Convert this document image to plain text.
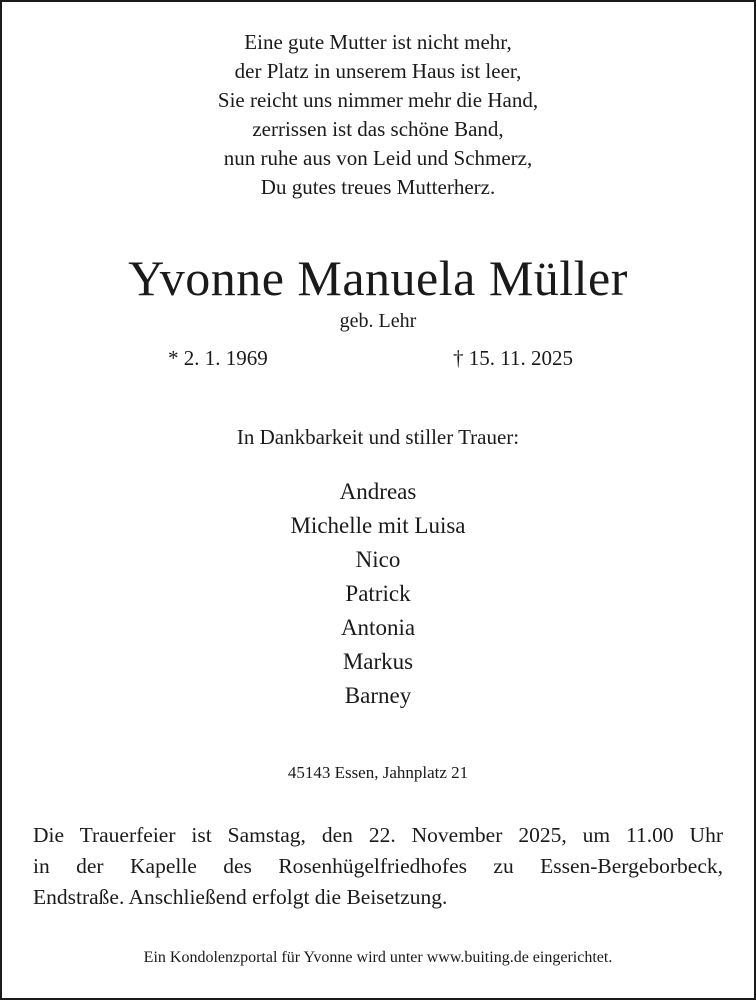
Eine gute Mutter ist nicht mehr,
der Platz in unserem Haus ist leer,
Sie reicht uns nimmer mehr die Hand,
zerrissen ist das schöne Band,
nun ruhe aus von Leid und Schmerz,
Du gutes treues Mutterherz.
Yvonne Manuela Müller
geb. Lehr
* 2. 1. 1969	† 15. 11. 2025
In Dankbarkeit und stiller Trauer:
Andreas
Michelle mit Luisa
Nico
Patrick
Antonia
Markus
Barney
45143 Essen, Jahnplatz 21
Die Trauerfeier ist Samstag, den 22. November 2025, um 11.00 Uhr
in der Kapelle des Rosenhügelfriedhofes zu Essen-Bergeborbeck,
Endstraße. Anschließend erfolgt die Beisetzung.
Ein Kondolenzportal für Yvonne wird unter www.buiting.de eingerichtet.
